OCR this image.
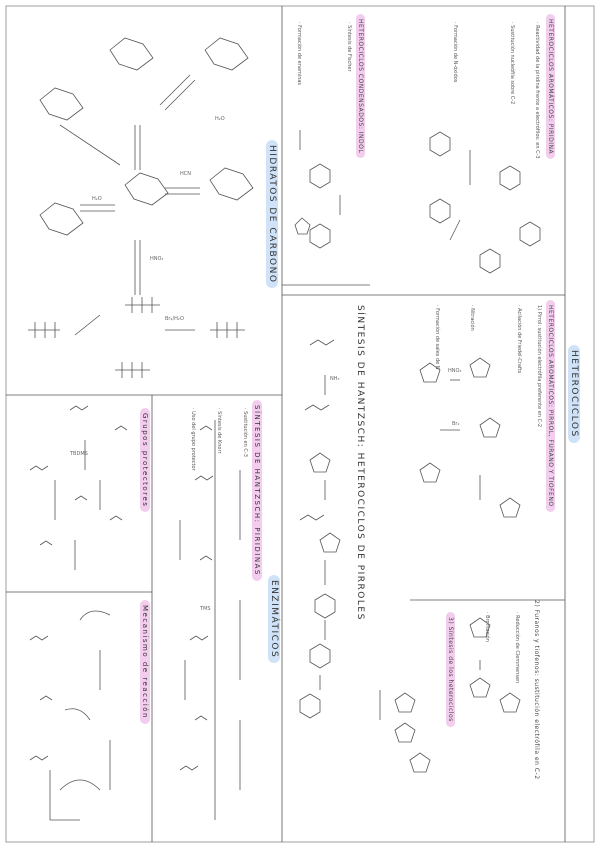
H₂O
HCN
H₂O
HNO₃
Br₂/H₂O
HNO₃
Br₂
NH₃
TMS
TBDMS
HETEROCICLOS
HIDRATOS DE CARBONO
SÍNTESIS DE HANTZSCH: HETEROCICLOS DE PIRROLES
ENZIMÁTICOS
SÍNTESIS DE HANTZSCH: PIRIDINAS
Grupos protectores
Mecanismo de reacción
HETEROCICLOS AROMÁTICOS: PIRIDINA
HETEROCICLOS AROMÁTICOS: PIRROL, FURANO Y TIOFENO
HETEROCICLOS CONDENSADOS: INDOL
2) Furanos y tiofenos: sustitución electrófila en C-2
3) Síntesis de los heterociclos
· Reactividad de la piridina frente a electrófilos: en C-3
· Sustitución nucleófila sobre C-2
· Formación de N-óxidos
1) Pirrol: sustitución electrófila preferente en C-2
· Acilación de Friedel-Crafts
· Nitración
· Formación de sales de N
· Bromación	· Reducción de Clemmensen
· Síntesis de Fischer
· Formación de enaminas
· Sustitución en C-3
· Síntesis de Knorr
· Uso del grupo protector
